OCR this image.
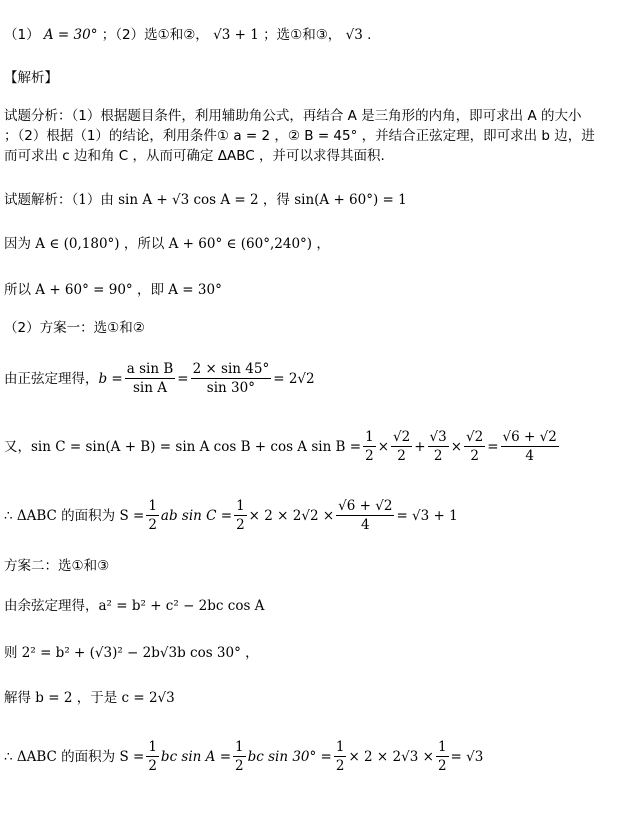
（1） A = 30° ；（2）选①和②， √3 + 1 ；选①和③， √3 .
【解析】
试题分析：（1）根据题目条件，利用辅助角公式，再结合 A 是三角形的内角，即可求出 A 的大小
；（2）根据（1）的结论，利用条件① a = 2 ，② B = 45° ，并结合正弦定理，即可求出 b 边，进
而可求出 c 边和角 C ，从而可确定 ΔABC ，并可以求得其面积.
试题解析：（1）由 sin A + √3 cos A = 2 ，得 sin(A + 60°) = 1
因为 A ∈ (0,180°) ，所以 A + 60° ∈ (60°,240°) ，
所以 A + 60° = 90° ，即 A = 30°
（2）方案一：选①和②
由正弦定理得， $b = \frac{\text{a sin B}}{\text{sin A}} = \frac{2 \times \sin 45^\circ}{\sin 30^\circ} = 2√2$
又，sin C = sin(A + B) = sin A cos B + cos A $\sin B = \frac{1}{2} \times \frac{√2}{2} + \frac{√3}{2} \times \frac{√2}{2} = \frac{√6 + √2}{4}$
∴ ΔABC 的面积为 $S = \frac{1}{2}$ ab $\sin C = \frac{1}{2} \times 2 \times 2√2 \times \frac{√6 + √2}{4} = √3 + 1$
方案二：选①和③
由余弦定理得，a² = b² + c² − 2bc cos A
则 2² = b² + (√3)² − 2b√3b cos 30° ，
解得 b = 2 ，于是 c = 2√3
∴ ΔABC 的面积为 $S = \frac{1}{2}$ bc $\sin A = \frac{1}{2}$ bc $\sin 30^\circ = \frac{1}{2} \times 2 \times 2√3 \times \frac{1}{2} = √3$
